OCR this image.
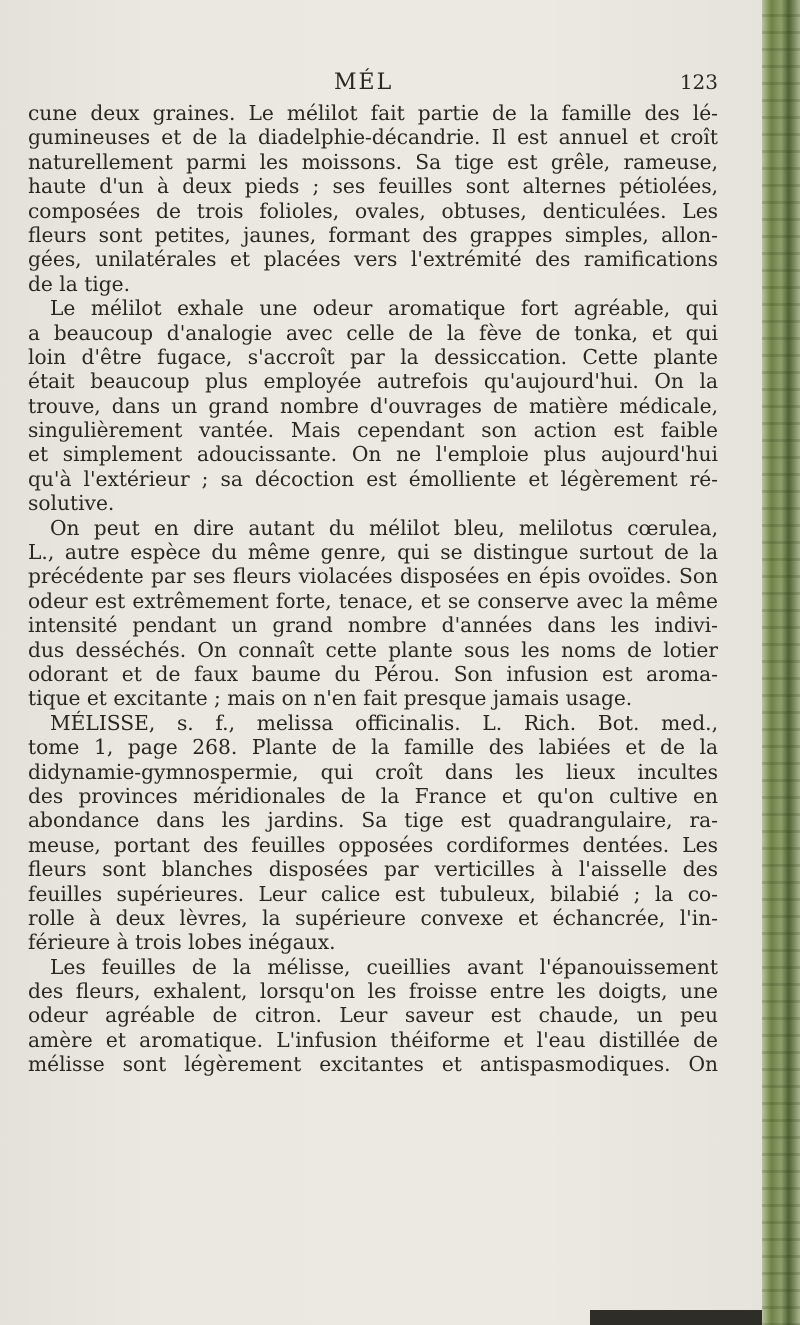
MÉL	123
cune deux graines. Le mélilot fait partie de la famille des lé-
gumineuses et de la diadelphie-décandrie. Il est annuel et croît
naturellement parmi les moissons. Sa tige est grêle, rameuse,
haute d'un à deux pieds ; ses feuilles sont alternes pétiolées,
composées de trois folioles, ovales, obtuses, denticulées. Les
fleurs sont petites, jaunes, formant des grappes simples, allon-
gées, unilatérales et placées vers l'extrémité des ramifications
de la tige.
Le mélilot exhale une odeur aromatique fort agréable, qui
a beaucoup d'analogie avec celle de la fève de tonka, et qui
loin d'être fugace, s'accroît par la dessiccation. Cette plante
était beaucoup plus employée autrefois qu'aujourd'hui. On la
trouve, dans un grand nombre d'ouvrages de matière médicale,
singulièrement vantée. Mais cependant son action est faible
et simplement adoucissante. On ne l'emploie plus aujourd'hui
qu'à l'extérieur ; sa décoction est émolliente et légèrement ré-
solutive.
On peut en dire autant du mélilot bleu, melilotus cœrulea,
L., autre espèce du même genre, qui se distingue surtout de la
précédente par ses fleurs violacées disposées en épis ovoïdes. Son
odeur est extrêmement forte, tenace, et se conserve avec la même
intensité pendant un grand nombre d'années dans les indivi-
dus desséchés. On connaît cette plante sous les noms de lotier
odorant et de faux baume du Pérou. Son infusion est aroma-
tique et excitante ; mais on n'en fait presque jamais usage.
MÉLISSE, s. f., melissa officinalis. L. Rich. Bot. med.,
tome 1, page 268. Plante de la famille des labiées et de la
didynamie-gymnospermie, qui croît dans les lieux incultes
des provinces méridionales de la France et qu'on cultive en
abondance dans les jardins. Sa tige est quadrangulaire, ra-
meuse, portant des feuilles opposées cordiformes dentées. Les
fleurs sont blanches disposées par verticilles à l'aisselle des
feuilles supérieures. Leur calice est tubuleux, bilabié ; la co-
rolle à deux lèvres, la supérieure convexe et échancrée, l'in-
férieure à trois lobes inégaux.
Les feuilles de la mélisse, cueillies avant l'épanouissement
des fleurs, exhalent, lorsqu'on les froisse entre les doigts, une
odeur agréable de citron. Leur saveur est chaude, un peu
amère et aromatique. L'infusion théiforme et l'eau distillée de
mélisse sont légèrement excitantes et antispasmodiques. On
